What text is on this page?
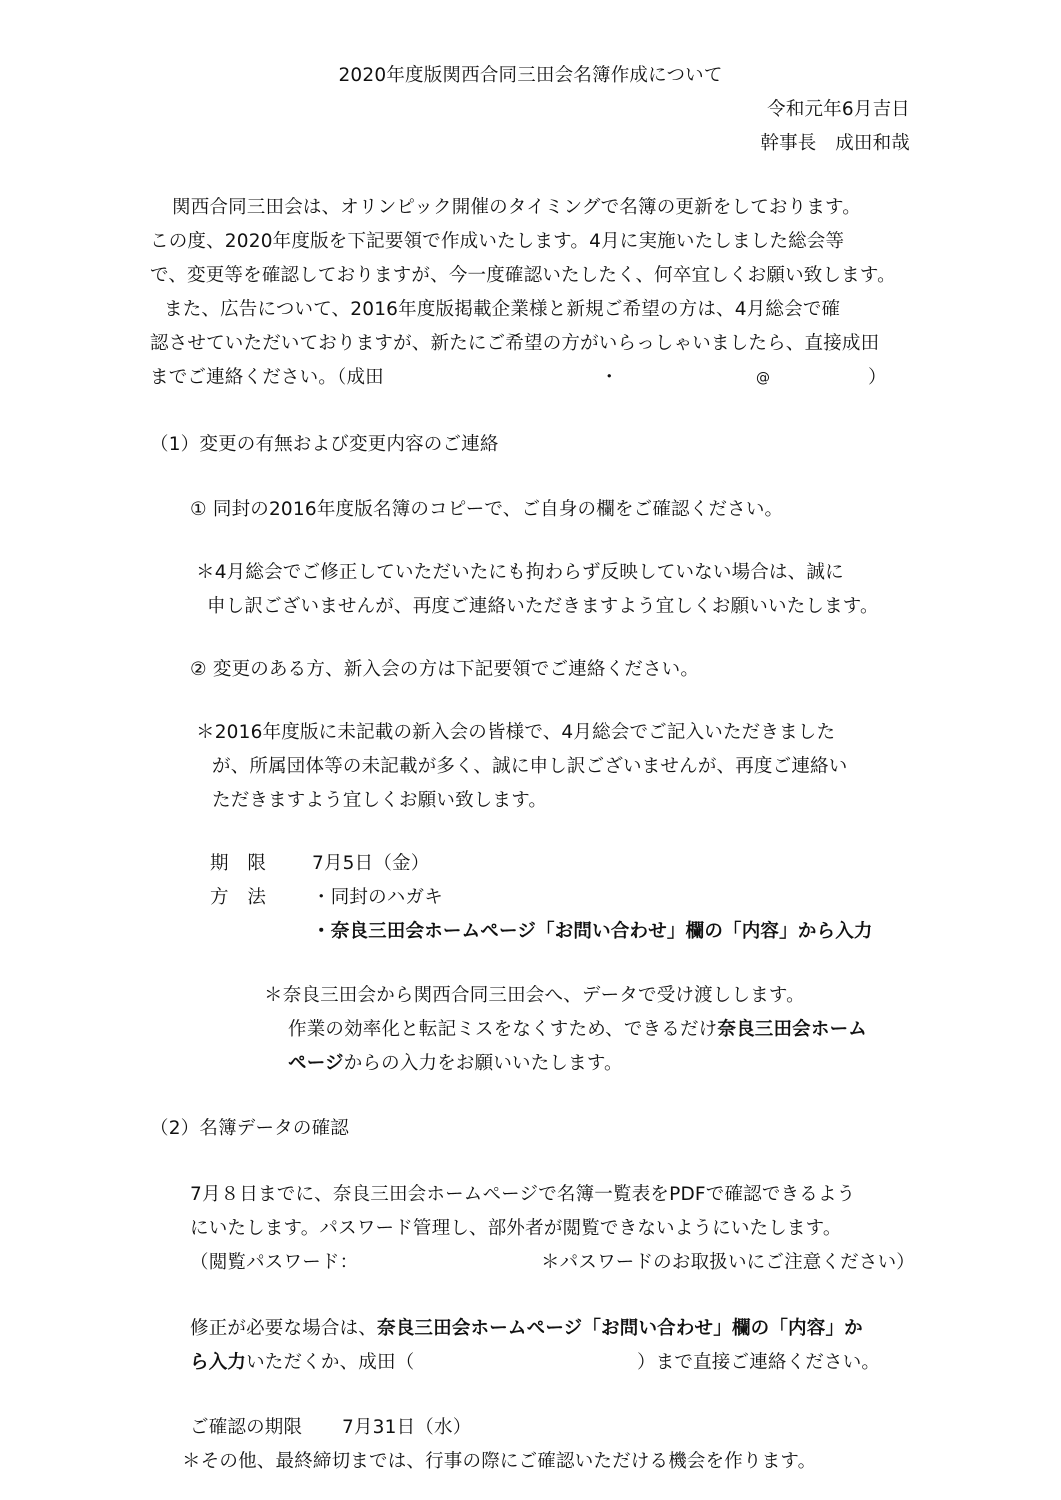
2020年度版関西合同三田会名簿作成について
令和元年6月吉日
幹事長　成田和哉
関西合同三田会は、オリンピック開催のタイミングで名簿の更新をしております。
この度、2020年度版を下記要領で作成いたします。4月に実施いたしました総会等
で、変更等を確認しておりますが、今一度確認いたしたく、何卒宜しくお願い致します。
また、広告について、2016年度版掲載企業様と新規ご希望の方は、4月総会で確
認させていただいておりますが、新たにご希望の方がいらっしゃいましたら、直接成田
までご連絡ください。（成田	・	@	）
（1）変更の有無および変更内容のご連絡
① 同封の2016年度版名簿のコピーで、ご自身の欄をご確認ください。
＊4月総会でご修正していただいたにも拘わらず反映していない場合は、誠に
申し訳ございませんが、再度ご連絡いただきますよう宜しくお願いいたします。
② 変更のある方、新入会の方は下記要領でご連絡ください。
＊2016年度版に未記載の新入会の皆様で、4月総会でご記入いただきました
が、所属団体等の未記載が多く、誠に申し訳ございませんが、再度ご連絡い
ただきますよう宜しくお願い致します。
期　限 7月5日（金）
方　法 ・同封のハガキ
・奈良三田会ホームページ「お問い合わせ」欄の「内容」から入力
＊奈良三田会から関西合同三田会へ、データで受け渡しします。
作業の効率化と転記ミスをなくすため、できるだけ奈良三田会ホーム
ページからの入力をお願いいたします。
（2）名簿データの確認
7月８日までに、奈良三田会ホームページで名簿一覧表をPDFで確認できるよう
にいたします。パスワード管理し、部外者が閲覧できないようにいたします。
（閲覧パスワード：	＊パスワードのお取扱いにご注意ください）
修正が必要な場合は、奈良三田会ホームページ「お問い合わせ」欄の「内容」か
ら入力いただくか、成田（	）まで直接ご連絡ください。
ご確認の期限 7月31日（水）
＊その他、最終締切までは、行事の際にご確認いただける機会を作ります。
